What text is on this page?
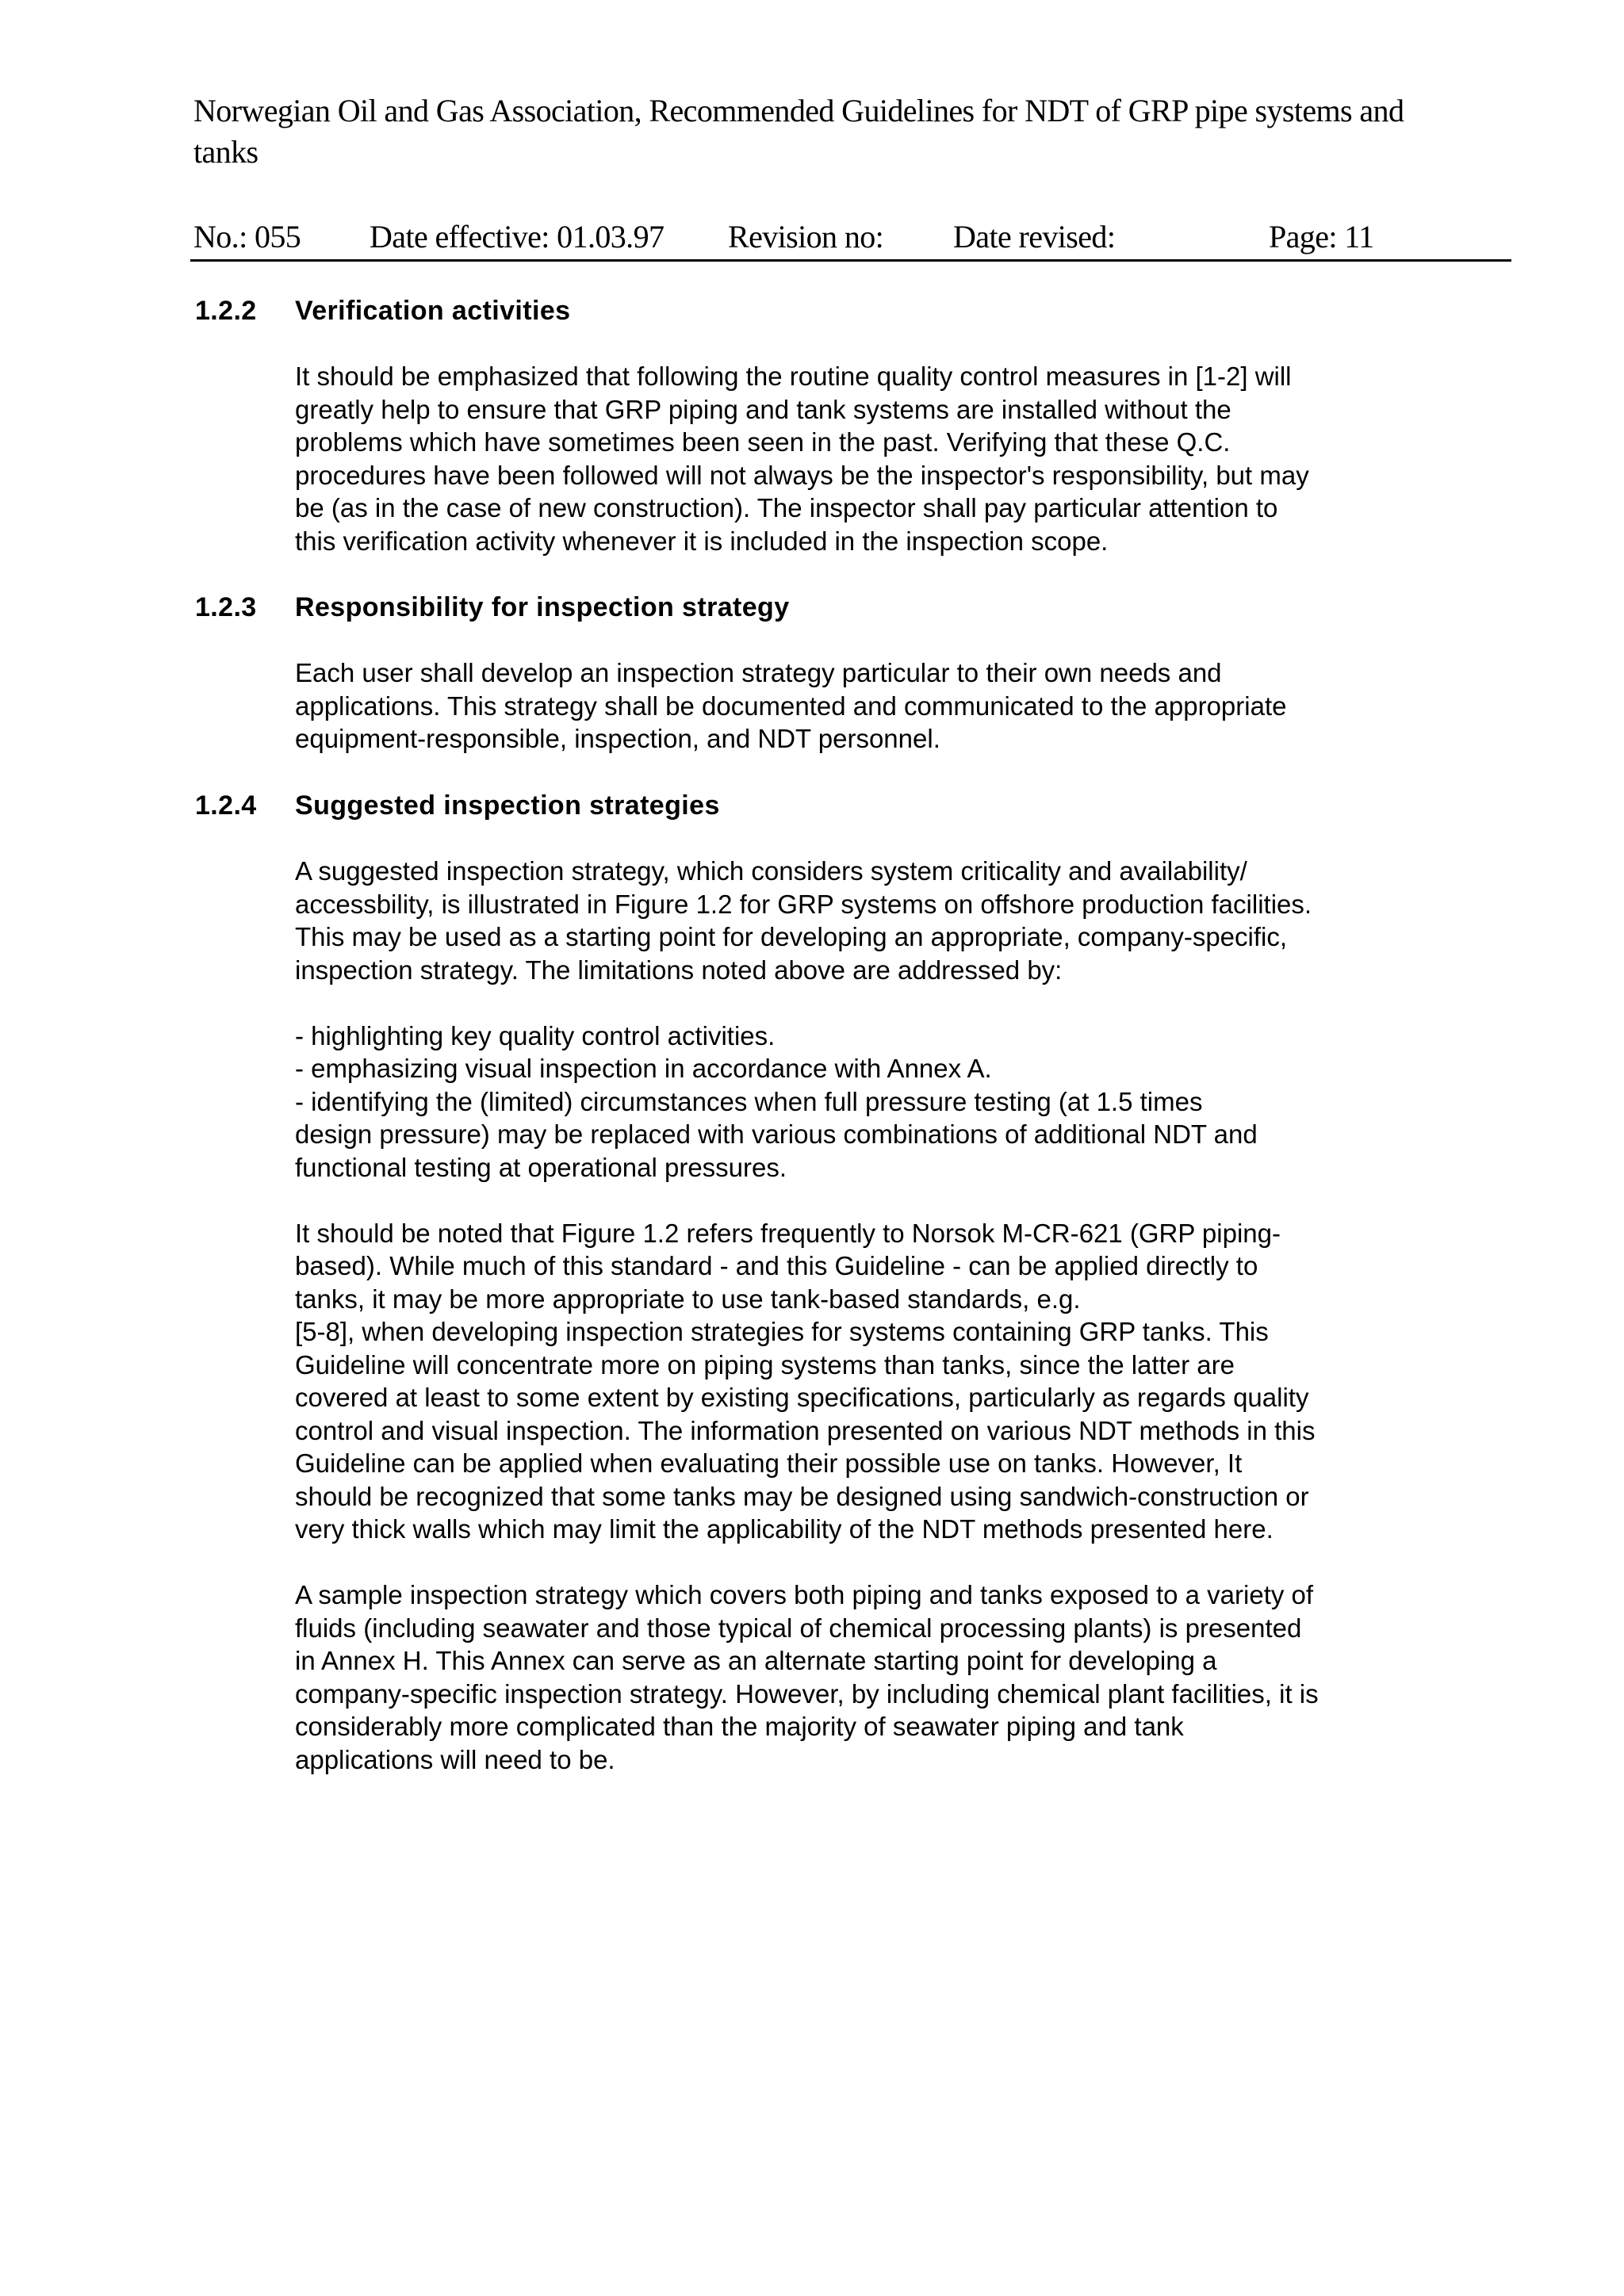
Norwegian Oil and Gas Association, Recommended Guidelines for NDT of GRP pipe systems and
tanks
No.: 055 Date effective: 01.03.97 Revision no: Date revised:	Page: 11
1.2.2 Verification activities
It should be emphasized that following the routine quality control measures in [1-2] will
greatly help to ensure that GRP piping and tank systems are installed without the
problems which have sometimes been seen in the past. Verifying that these Q.C.
procedures have been followed will not always be the inspector's responsibility, but may
be (as in the case of new construction). The inspector shall pay particular attention to
this verification activity whenever it is included in the inspection scope.
1.2.3 Responsibility for inspection strategy
Each user shall develop an inspection strategy particular to their own needs and
applications. This strategy shall be documented and communicated to the appropriate
equipment-responsible, inspection, and NDT personnel.
1.2.4 Suggested inspection strategies
A suggested inspection strategy, which considers system criticality and availability/
accessbility, is illustrated in Figure 1.2 for GRP systems on offshore production facilities.
This may be used as a starting point for developing an appropriate, company-specific,
inspection strategy. The limitations noted above are addressed by:
- highlighting key quality control activities.
- emphasizing visual inspection in accordance with Annex A.
- identifying the (limited) circumstances when full pressure testing (at 1.5 times
design pressure) may be replaced with various combinations of additional NDT and
functional testing at operational pressures.
It should be noted that Figure 1.2 refers frequently to Norsok M-CR-621 (GRP piping-
based). While much of this standard - and this Guideline - can be applied directly to
tanks, it may be more appropriate to use tank-based standards, e.g.
[5-8], when developing inspection strategies for systems containing GRP tanks. This
Guideline will concentrate more on piping systems than tanks, since the latter are
covered at least to some extent by existing specifications, particularly as regards quality
control and visual inspection. The information presented on various NDT methods in this
Guideline can be applied when evaluating their possible use on tanks. However, It
should be recognized that some tanks may be designed using sandwich-construction or
very thick walls which may limit the applicability of the NDT methods presented here.
A sample inspection strategy which covers both piping and tanks exposed to a variety of
fluids (including seawater and those typical of chemical processing plants) is presented
in Annex H. This Annex can serve as an alternate starting point for developing a
company-specific inspection strategy. However, by including chemical plant facilities, it is
considerably more complicated than the majority of seawater piping and tank
applications will need to be.
